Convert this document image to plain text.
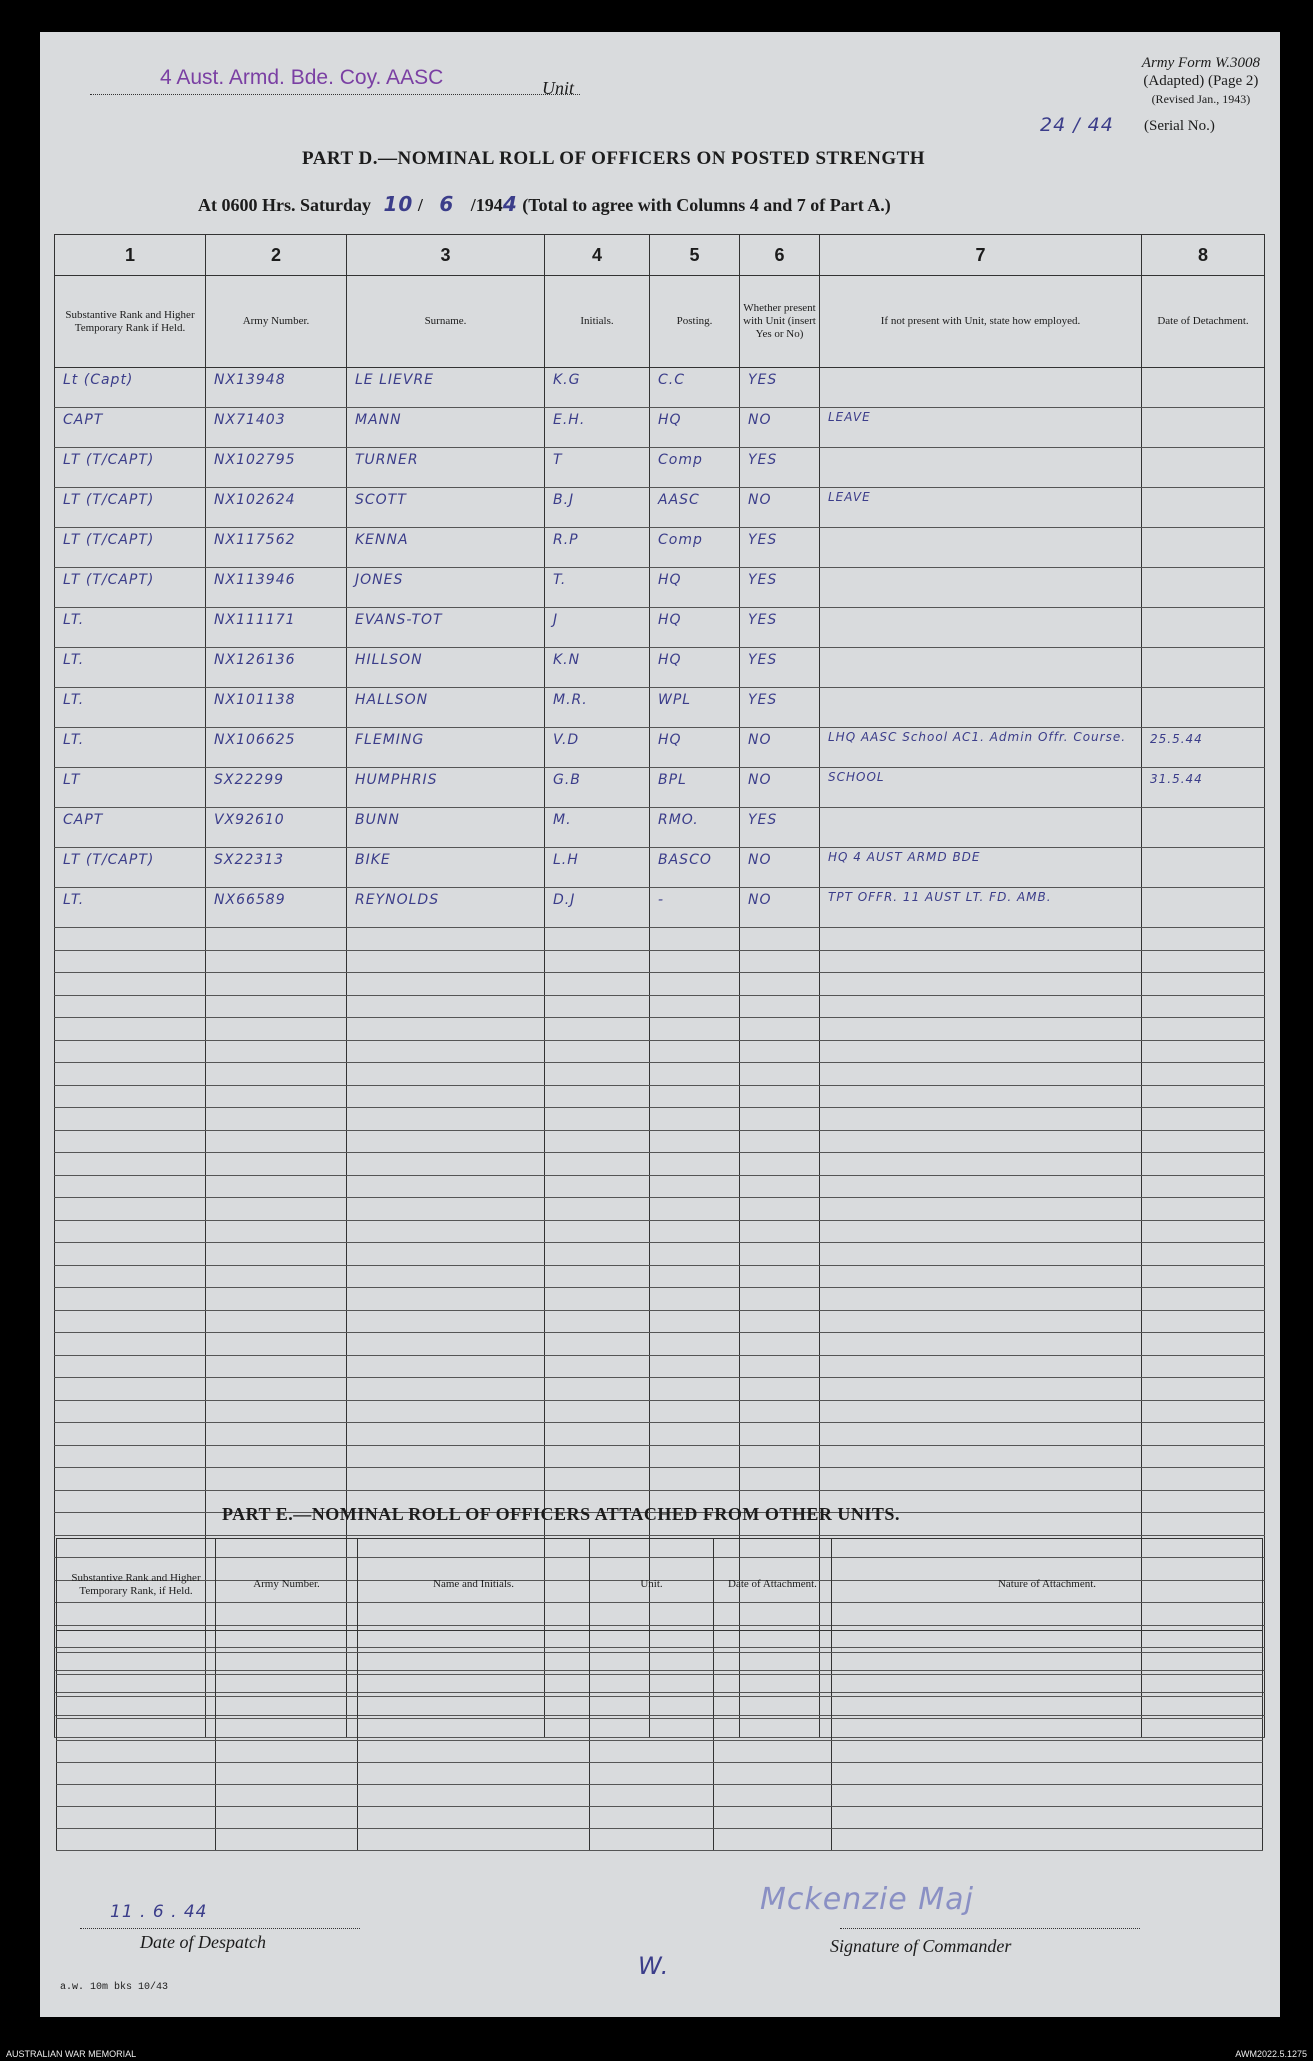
4 Aust. Armd. Bde. Coy. AASC	Unit
Army Form W.3008
(Adapted) (Page 2)
(Revised Jan., 1943)
24 / 44 (Serial No.)
PART D.—NOMINAL ROLL OF OFFICERS ON POSTED STRENGTH
At 0600 Hrs. Saturday 10 / 6 /1944 (Total to agree with Columns 4 and 7 of Part A.)
1	2	3	4	5	6	7	8
Substantive Rank and Higher Temporary Rank if Held.	Army Number.	Surname.	Initials.	Posting.	Whether present with Unit (insert Yes or No)	If not present with Unit, state how employed.	Date of Detachment.

Lt (Capt)	NX13948	LE LIEVRE	K.G	C.C	YES		

CAPT	NX71403	MANN	E.H.	HQ	NO	LEAVE	

LT (T/CAPT)	NX102795	TURNER	T	Comp	YES		

LT (T/CAPT)	NX102624	SCOTT	B.J	AASC	NO	LEAVE	

LT (T/CAPT)	NX117562	KENNA	R.P	Comp	YES		

LT (T/CAPT)	NX113946	JONES	T.	HQ	YES		

LT.	NX111171	EVANS-TOT	J	HQ	YES		

LT.	NX126136	HILLSON	K.N	HQ	YES		

LT.	NX101138	HALLSON	M.R.	WPL	YES		

LT.	NX106625	FLEMING	V.D	HQ	NO	LHQ AASC School AC1. Admin Offr. Course.	25.5.44

LT	SX22299	HUMPHRIS	G.B	BPL	NO	SCHOOL	31.5.44

CAPT	VX92610	BUNN	M.	RMO.	YES		

LT (T/CAPT)	SX22313	BIKE	L.H	BASCO	NO	HQ 4 AUST ARMD BDE	

LT.	NX66589	REYNOLDS	D.J	-	NO	TPT OFFR. 11 AUST LT. FD. AMB.	

PART E.—NOMINAL ROLL OF OFFICERS ATTACHED FROM OTHER UNITS.
Substantive Rank and Higher Temporary Rank, if Held.	Army Number.	Name and Initials.	Unit.	Date of Attachment.	Nature of Attachment.

11 . 6 . 44
Date of Despatch
Mckenzie Maj
Signature of Commander
W.
a.w. 10m bks 10/43
AUSTRALIAN WAR MEMORIAL	AWM2022.5.1275
